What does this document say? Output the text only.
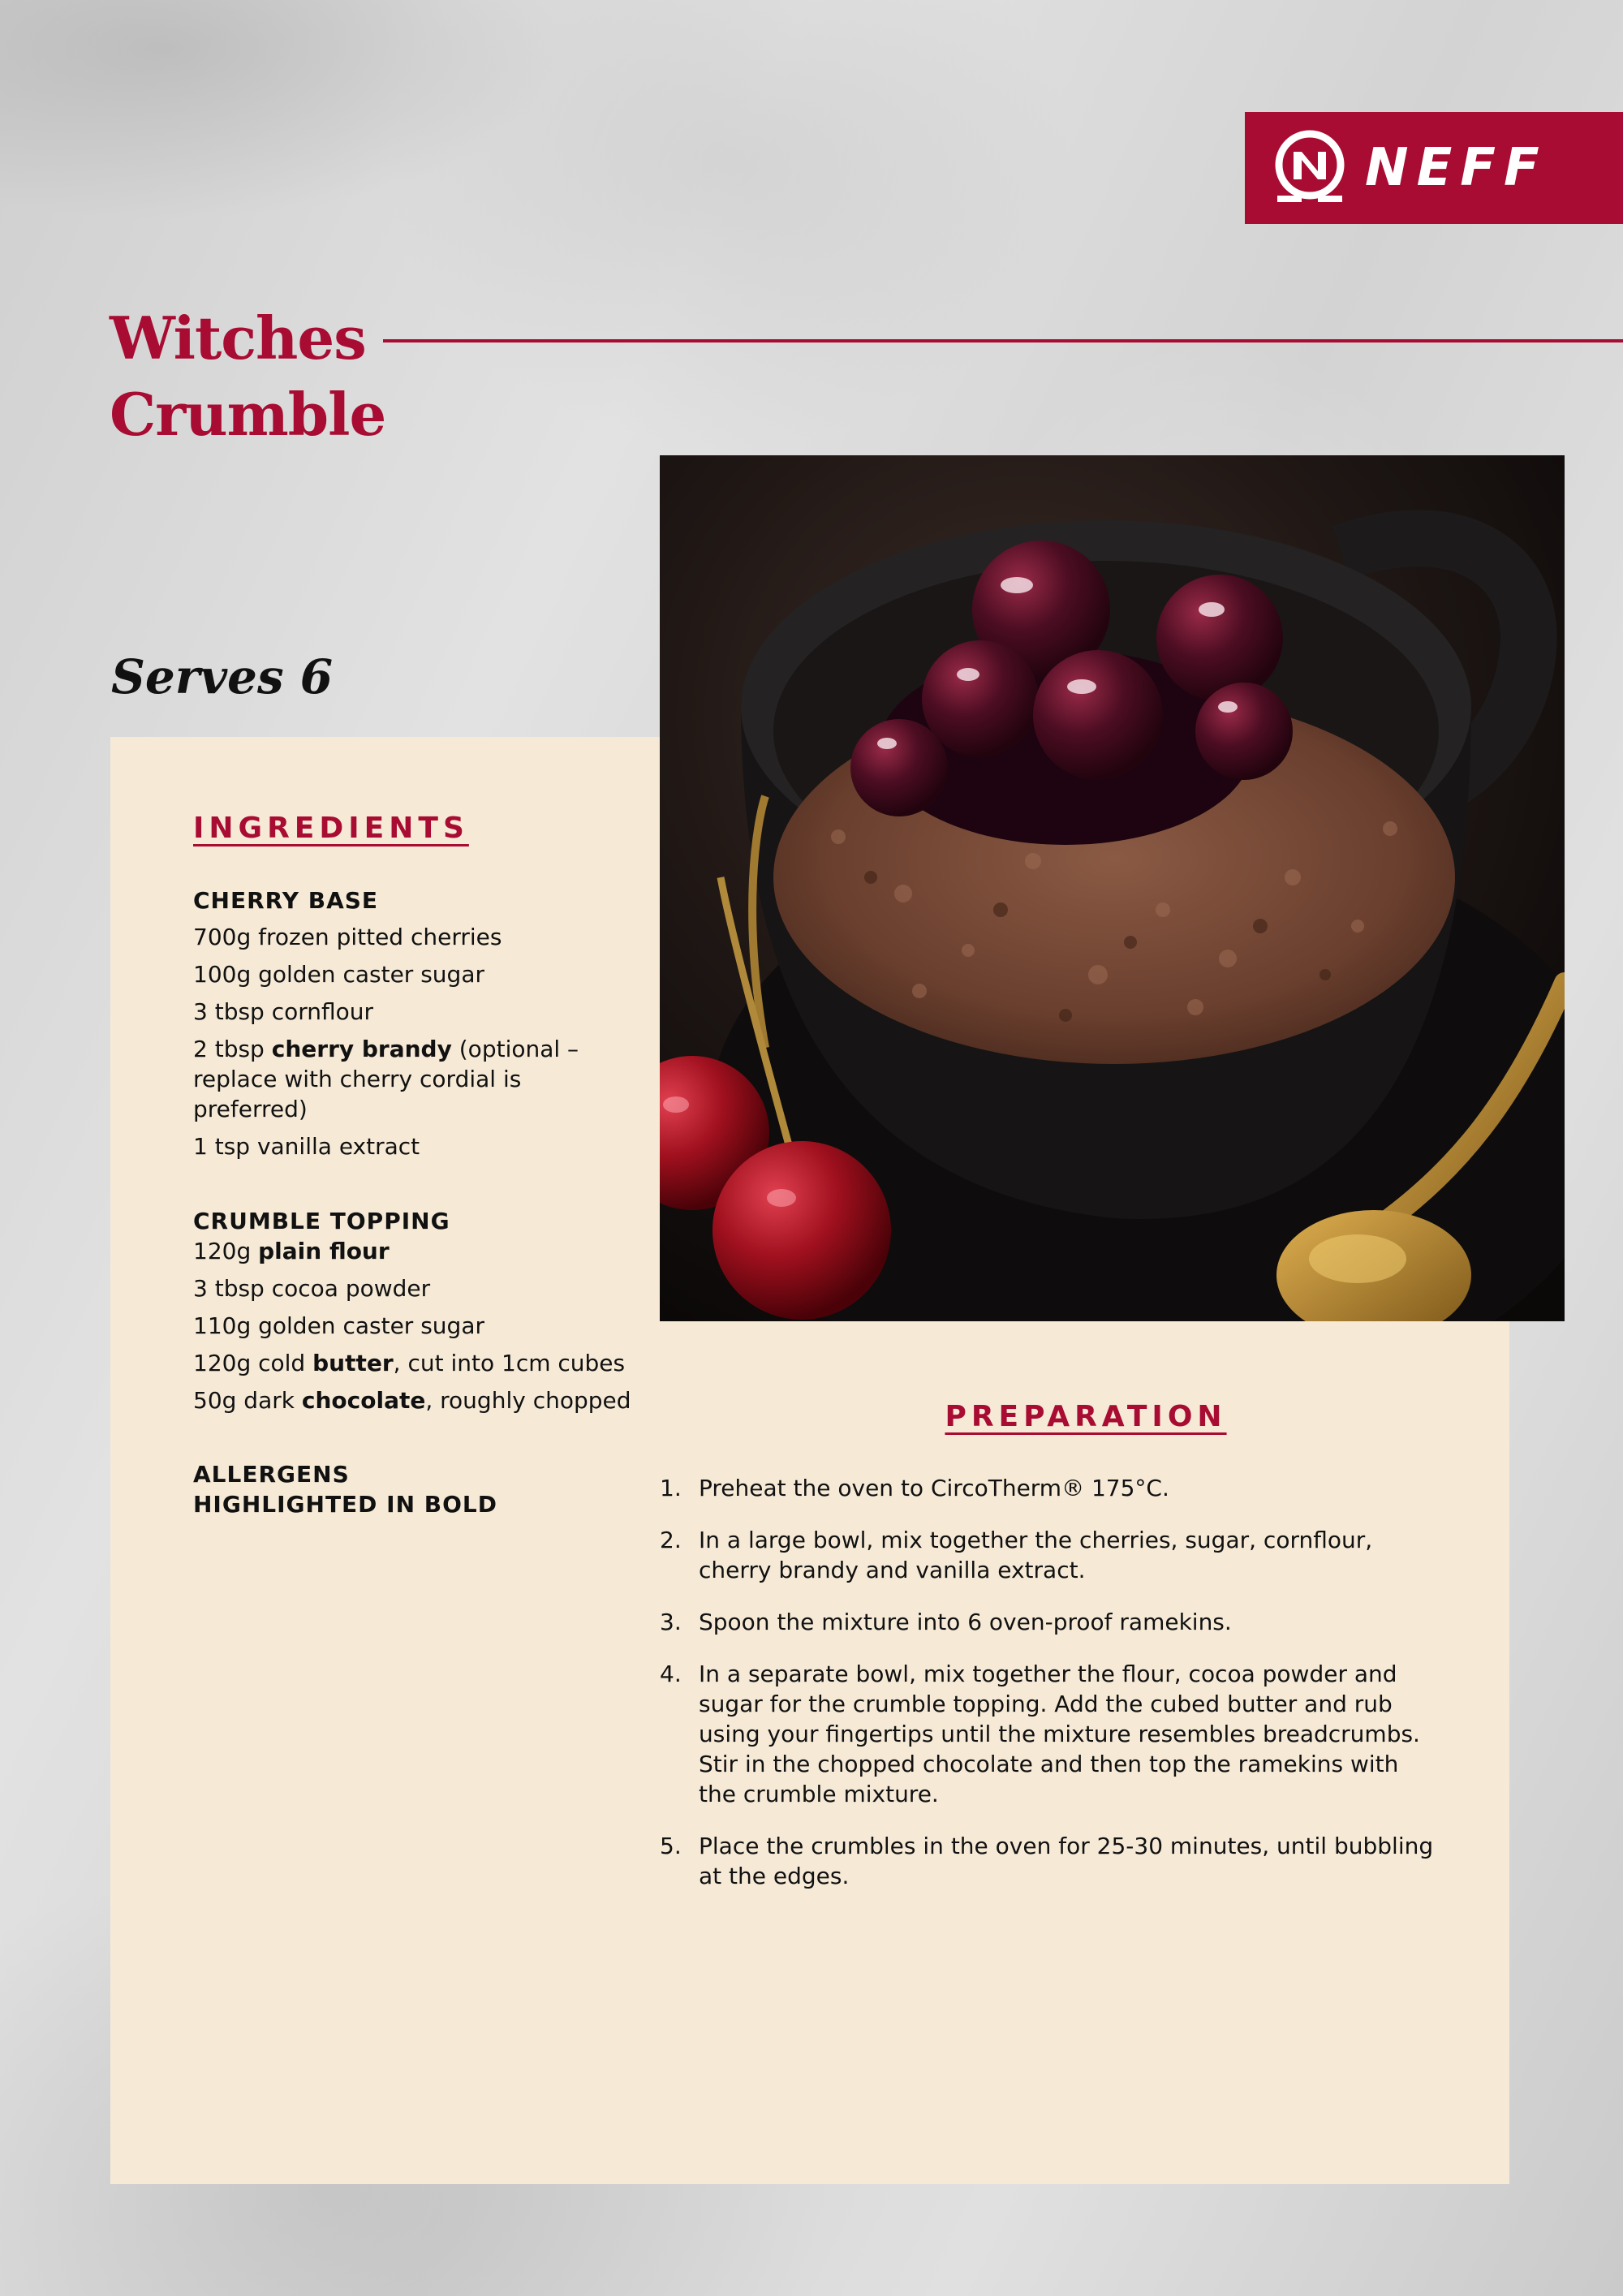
NEFF
Witches
Crumble
Serves 6
INGREDIENTS
CHERRY BASE
700g frozen pitted cherries
100g golden caster sugar
3 tbsp cornflour
2 tbsp cherry brandy (optional – replace with cherry cordial is preferred)
1 tsp vanilla extract
CRUMBLE TOPPING
120g plain flour
3 tbsp cocoa powder
110g golden caster sugar
120g cold butter, cut into 1cm cubes
50g dark chocolate, roughly chopped

ALLERGENS
HIGHLIGHTED IN BOLD

PREPARATION
1. Preheat the oven to CircoTherm® 175°C.
2. In a large bowl, mix together the cherries, sugar, cornflour, cherry brandy and vanilla extract.
3. Spoon the mixture into 6 oven-proof ramekins.
4. In a separate bowl, mix together the flour, cocoa powder and sugar for the crumble topping. Add the cubed butter and rub using your fingertips until the mixture resembles breadcrumbs. Stir in the chopped chocolate and then top the ramekins with the crumble mixture.
5. Place the crumbles in the oven for 25-30 minutes, until bubbling at the edges.
